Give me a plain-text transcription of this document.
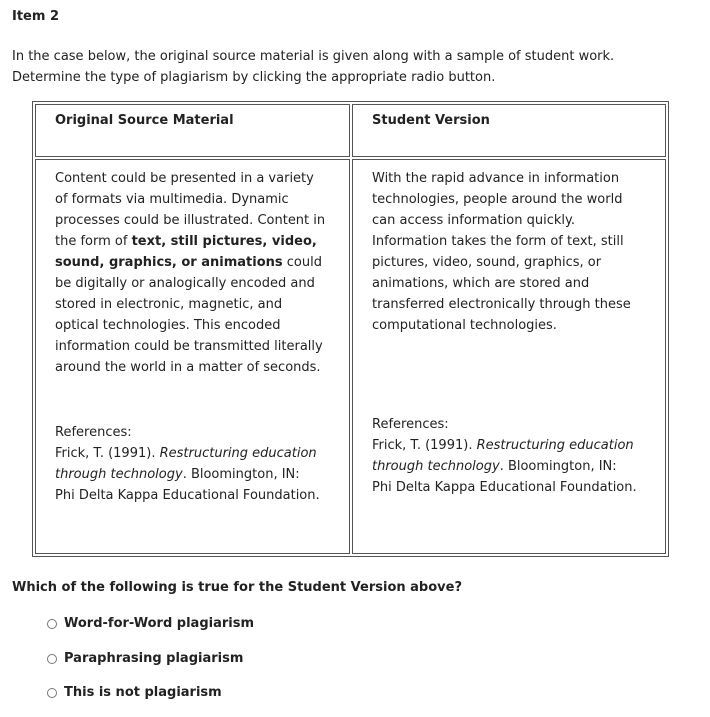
Item 2
In the case below, the original source material is given along with a sample of student work.
Determine the type of plagiarism by clicking the appropriate radio button.
Original Source Material	Student Version
Content could be presented in a variety
of formats via multimedia. Dynamic
processes could be illustrated. Content in
the form of text, still pictures, video,
sound, graphics, or animations could
be digitally or analogically encoded and
stored in electronic, magnetic, and
optical technologies. This encoded
information could be transmitted literally
around the world in a matter of seconds.
References:
Frick, T. (1991). Restructuring education
through technology. Bloomington, IN:
Phi Delta Kappa Educational Foundation.
With the rapid advance in information
technologies, people around the world
can access information quickly.
Information takes the form of text, still
pictures, video, sound, graphics, or
animations, which are stored and
transferred electronically through these
computational technologies.
References:
Frick, T. (1991). Restructuring education
through technology. Bloomington, IN:
Phi Delta Kappa Educational Foundation.
Which of the following is true for the Student Version above?
Word-for-Word plagiarism
Paraphrasing plagiarism
This is not plagiarism
